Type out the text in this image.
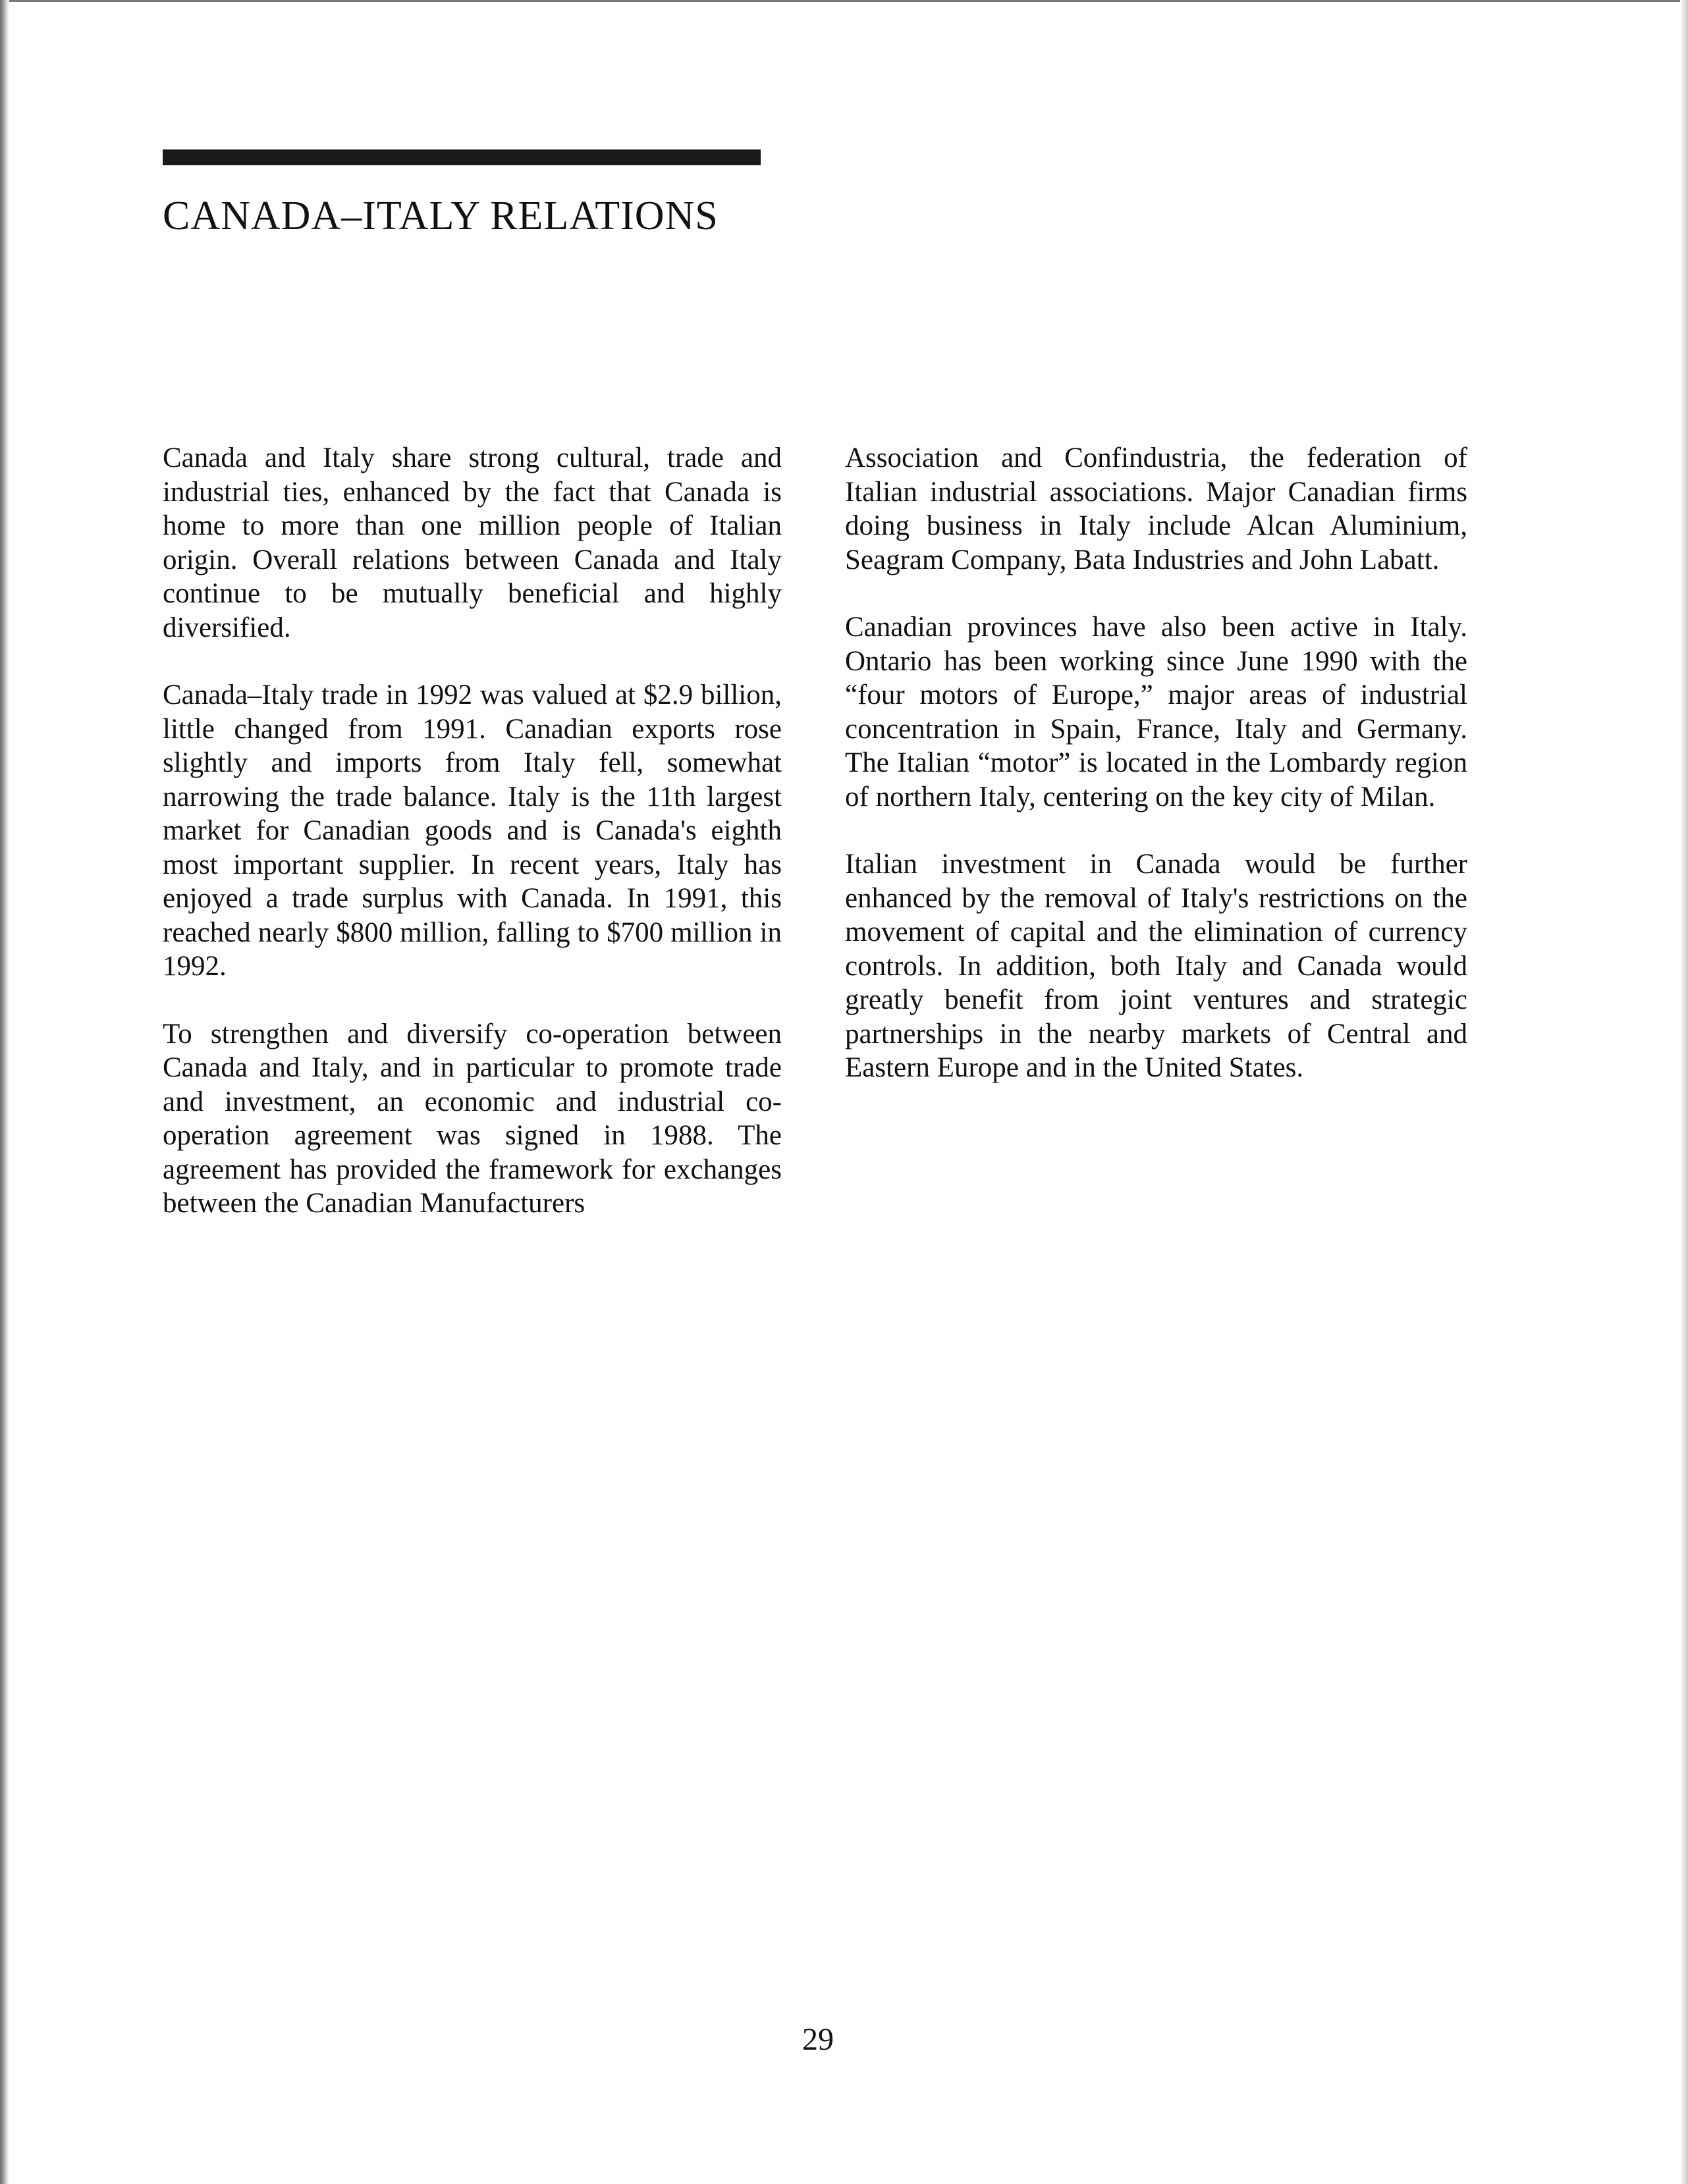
CANADA–ITALY RELATIONS

Canada and Italy share strong cultural, trade and industrial ties, enhanced by the fact that Canada is home to more than one million people of Italian origin. Overall relations between Canada and Italy continue to be mutually beneficial and highly diversified.

Canada–Italy trade in 1992 was valued at $2.9 billion, little changed from 1991. Canadian exports rose slightly and imports from Italy fell, somewhat narrowing the trade balance. Italy is the 11th largest market for Canadian goods and is Canada's eighth most important supplier. In recent years, Italy has enjoyed a trade surplus with Canada. In 1991, this reached nearly $800 million, falling to $700 million in 1992.

To strengthen and diversify co-operation between Canada and Italy, and in particular to promote trade and investment, an economic and industrial co-operation agreement was signed in 1988. The agreement has provided the framework for exchanges between the Canadian Manufacturers

Association and Confindustria, the federation of Italian industrial associations. Major Canadian firms doing business in Italy include Alcan Aluminium, Seagram Company, Bata Industries and John Labatt.

Canadian provinces have also been active in Italy. Ontario has been working since June 1990 with the “four motors of Europe,” major areas of industrial concentration in Spain, France, Italy and Germany. The Italian “motor” is located in the Lombardy region of northern Italy, centering on the key city of Milan.

Italian investment in Canada would be further enhanced by the removal of Italy's restrictions on the movement of capital and the elimination of currency controls. In addition, both Italy and Canada would greatly benefit from joint ventures and strategic partnerships in the nearby markets of Central and Eastern Europe and in the United States.

29
